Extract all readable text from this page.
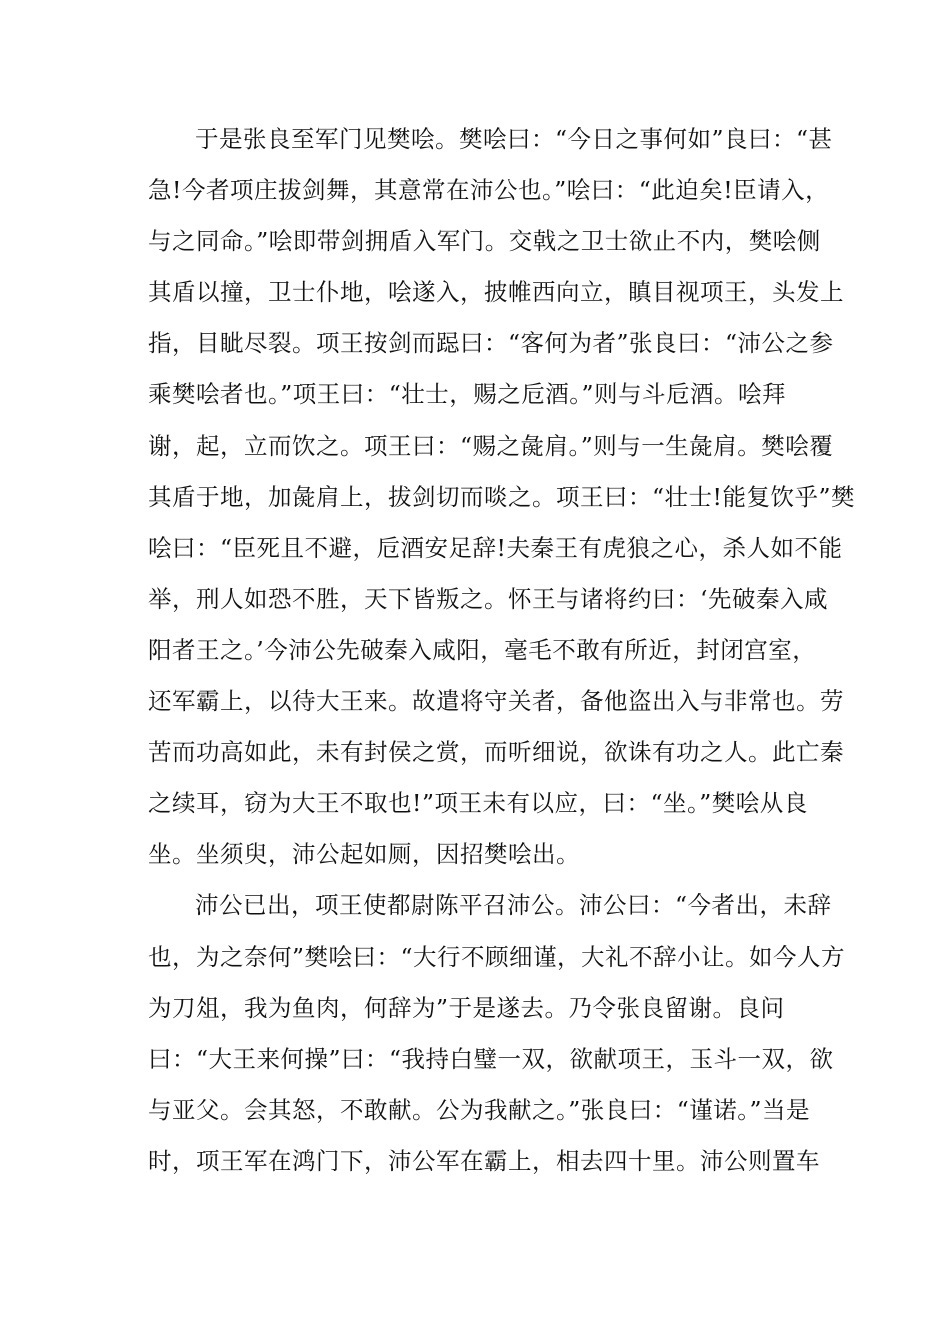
于是张良至军门见樊哙。樊哙曰：“今日之事何如”良曰：“甚
急!今者项庄拔剑舞，其意常在沛公也。”哙曰：“此迫矣!臣请入，
与之同命。”哙即带剑拥盾入军门。交戟之卫士欲止不内，樊哙侧
其盾以撞，卫士仆地，哙遂入，披帷西向立，瞋目视项王，头发上
指，目眦尽裂。项王按剑而跽曰：“客何为者”张良曰：“沛公之参
乘樊哙者也。”项王曰：“壮士，赐之卮酒。”则与斗卮酒。哙拜
谢，起，立而饮之。项王曰：“赐之彘肩。”则与一生彘肩。樊哙覆
其盾于地，加彘肩上，拔剑切而啖之。项王曰：“壮士!能复饮乎”樊
哙曰：“臣死且不避，卮酒安足辞!夫秦王有虎狼之心，杀人如不能
举，刑人如恐不胜，天下皆叛之。怀王与诸将约曰：‘先破秦入咸
阳者王之。’今沛公先破秦入咸阳，毫毛不敢有所近，封闭宫室，
还军霸上，以待大王来。故遣将守关者，备他盗出入与非常也。劳
苦而功高如此，未有封侯之赏，而听细说，欲诛有功之人。此亡秦
之续耳，窃为大王不取也!”项王未有以应，曰：“坐。”樊哙从良
坐。坐须臾，沛公起如厕，因招樊哙出。
沛公已出，项王使都尉陈平召沛公。沛公曰：“今者出，未辞
也，为之奈何”樊哙曰：“大行不顾细谨，大礼不辞小让。如今人方
为刀俎，我为鱼肉，何辞为”于是遂去。乃令张良留谢。良问
曰：“大王来何操”曰：“我持白璧一双，欲献项王，玉斗一双，欲
与亚父。会其怒，不敢献。公为我献之。”张良曰：“谨诺。”当是
时，项王军在鸿门下，沛公军在霸上，相去四十里。沛公则置车
